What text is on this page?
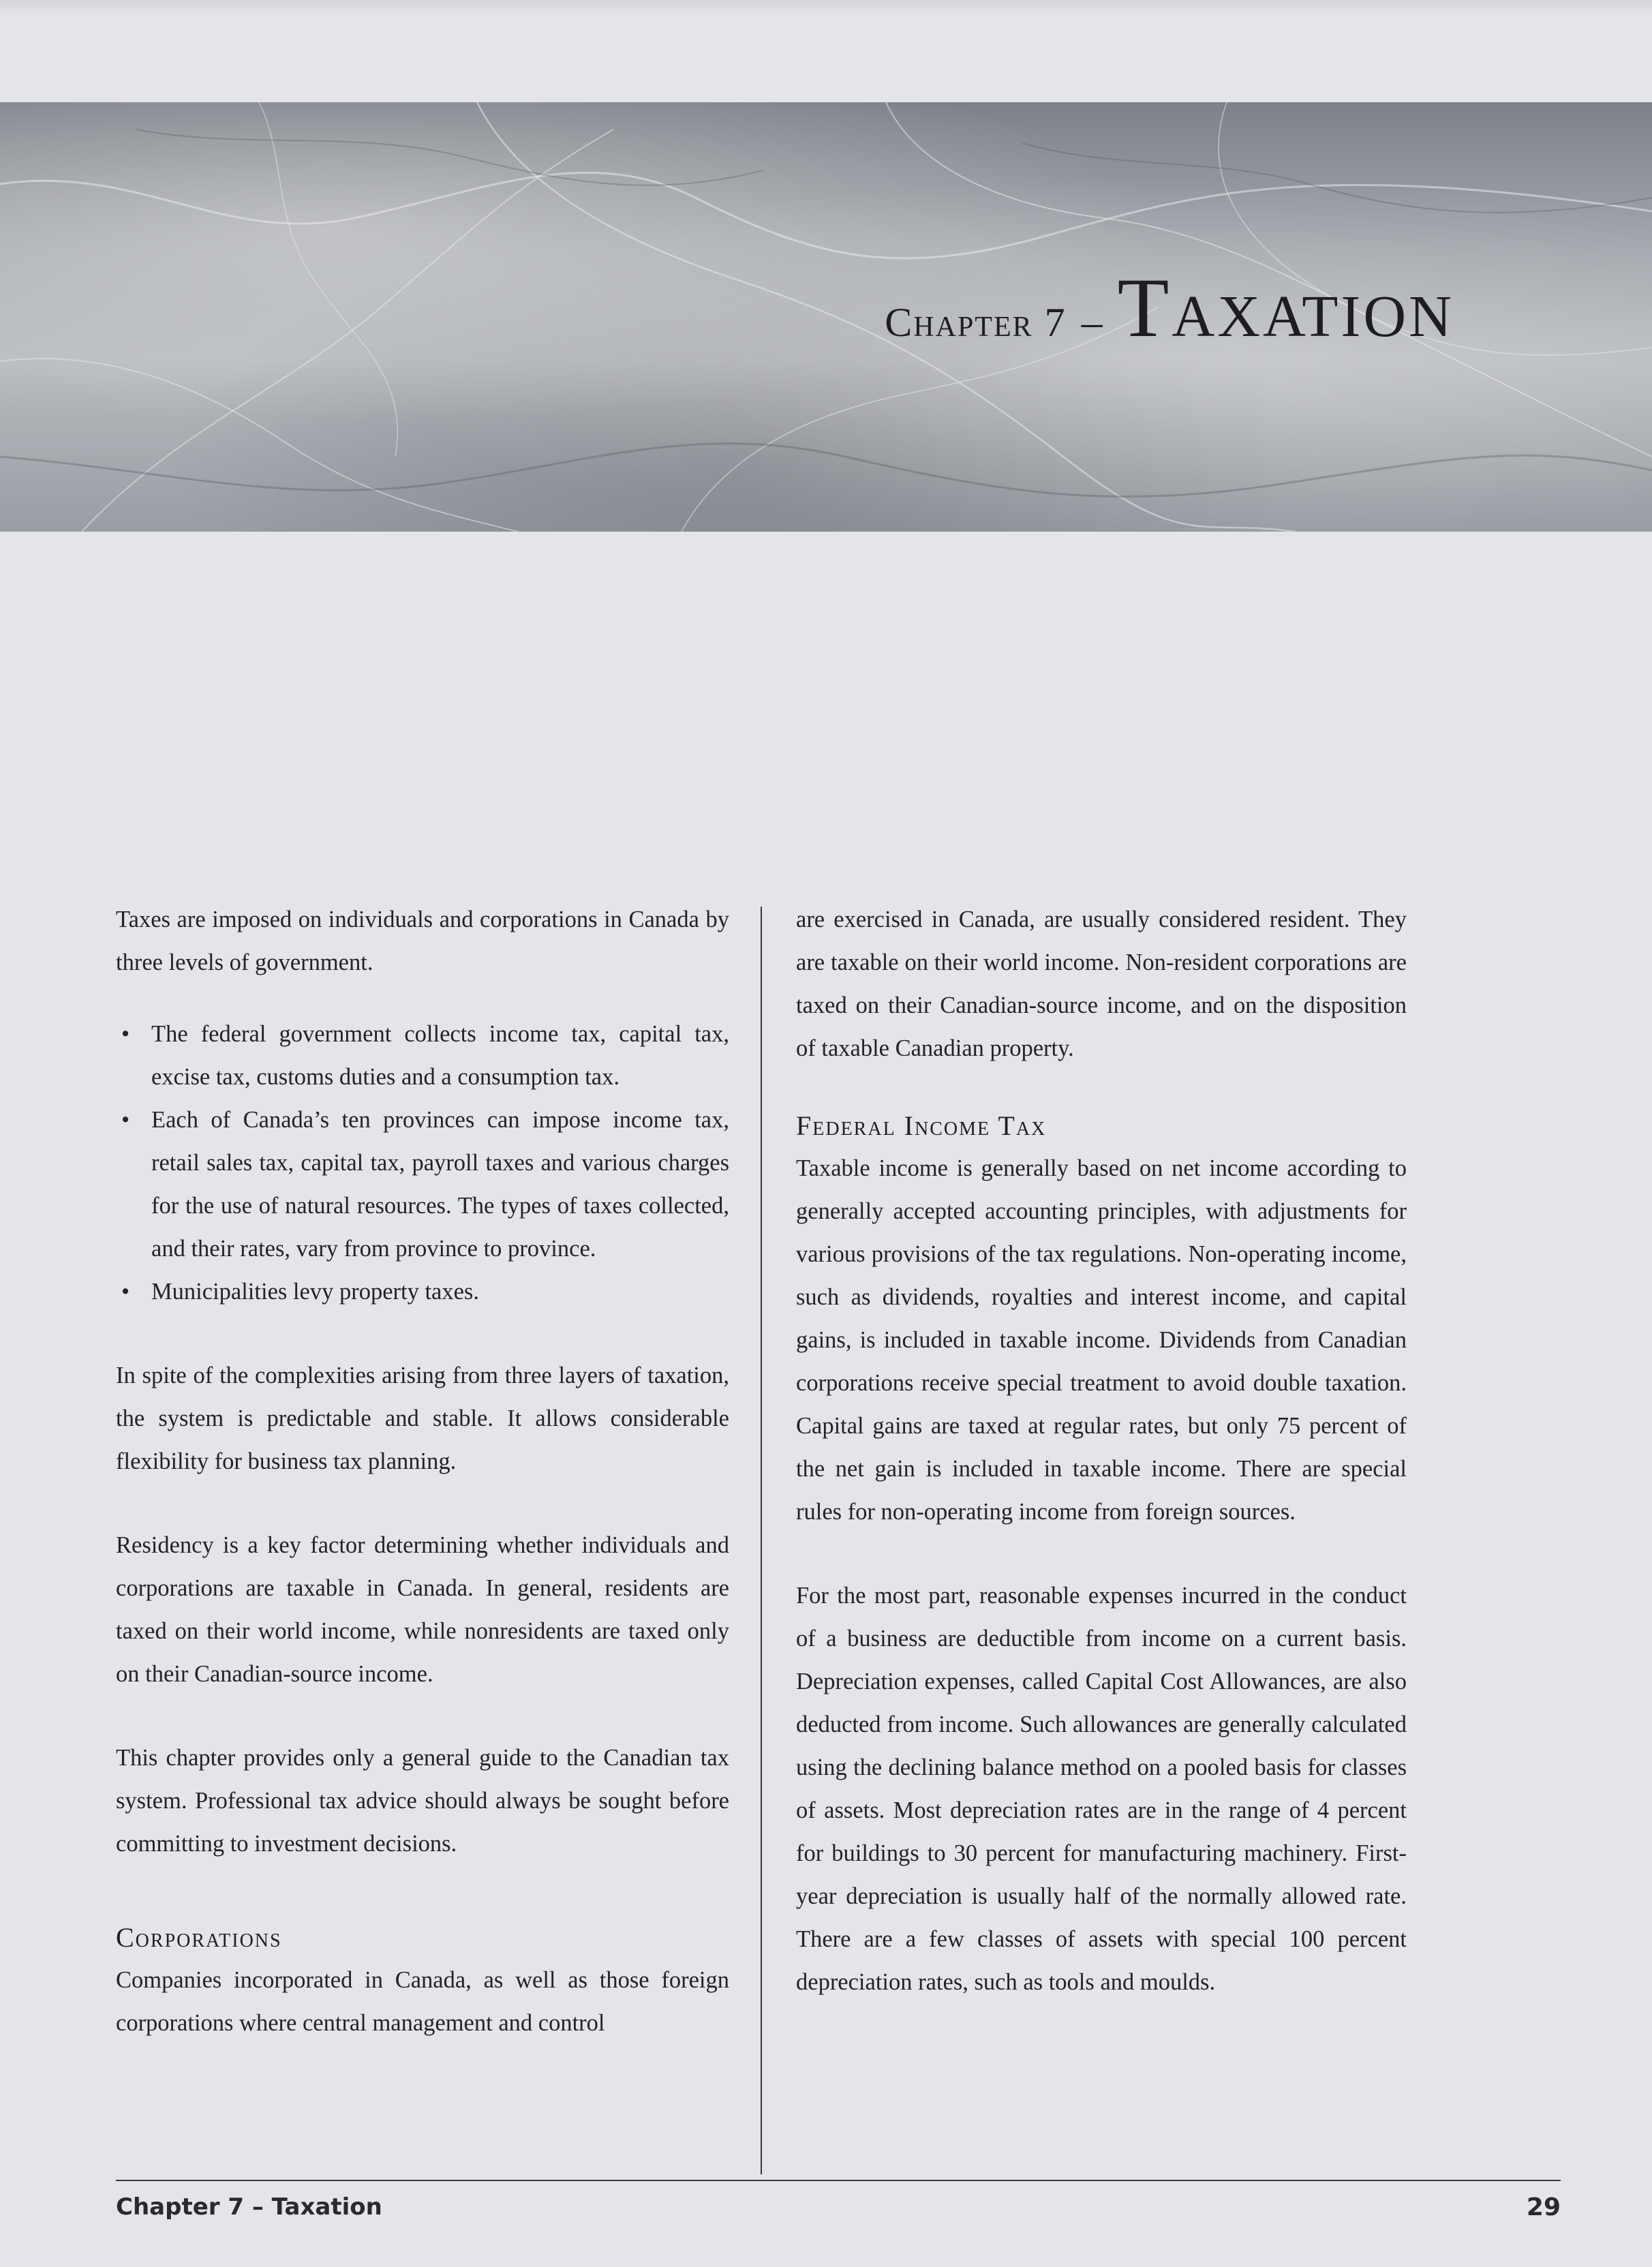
Chapter 7 – Taxation

Taxes are imposed on individuals and corporations in Canada by three levels of government.

• The federal government collects income tax, capital tax, excise tax, customs duties and a consumption tax.
• Each of Canada’s ten provinces can impose income tax, retail sales tax, capital tax, payroll taxes and various charges for the use of natural resources. The types of taxes collected, and their rates, vary from province to province.
• Municipalities levy property taxes.

In spite of the complexities arising from three layers of taxation, the system is predictable and stable. It allows considerable flexibility for business tax planning.

Residency is a key factor determining whether individuals and corporations are taxable in Canada. In general, residents are taxed on their world income, while nonresidents are taxed only on their Canadian-source income.

This chapter provides only a general guide to the Canadian tax system. Professional tax advice should always be sought before committing to investment decisions.

Corporations

Companies incorporated in Canada, as well as those foreign corporations where central management and control

are exercised in Canada, are usually considered resident. They are taxable on their world income. Non-resident corporations are taxed on their Canadian-source income, and on the disposition of taxable Canadian property.

Federal Income Tax

Taxable income is generally based on net income according to generally accepted accounting principles, with adjustments for various provisions of the tax regulations. Non-operating income, such as dividends, royalties and interest income, and capital gains, is included in taxable income. Dividends from Canadian corporations receive special treatment to avoid double taxation. Capital gains are taxed at regular rates, but only 75 percent of the net gain is included in taxable income. There are special rules for non-operating income from foreign sources.

For the most part, reasonable expenses incurred in the conduct of a business are deductible from income on a current basis. Depreciation expenses, called Capital Cost Allowances, are also deducted from income. Such allowances are generally calculated using the declining balance method on a pooled basis for classes of assets. Most depreciation rates are in the range of 4 percent for buildings to 30 percent for manufacturing machinery. First-year depreciation is usually half of the normally allowed rate. There are a few classes of assets with special 100 percent depreciation rates, such as tools and moulds.

Chapter 7 – Taxation	29
